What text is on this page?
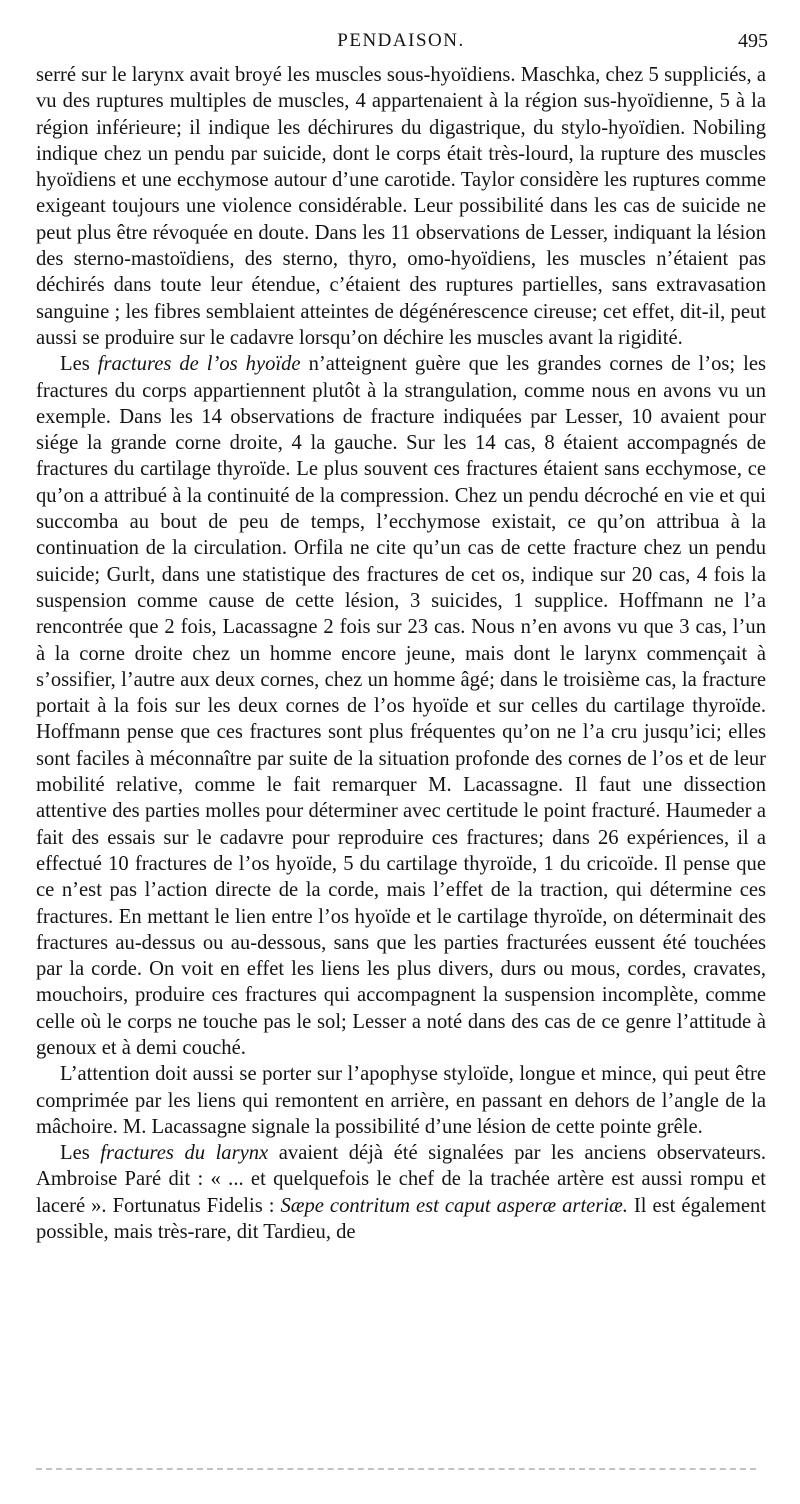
PENDAISON.	495

serré sur le larynx avait broyé les muscles sous-hyoïdiens. Maschka, chez 5 suppliciés, a vu des ruptures multiples de muscles, 4 appartenaient à la région sus-hyoïdienne, 5 à la région inférieure; il indique les déchirures du digastrique, du stylo-hyoïdien. Nobiling indique chez un pendu par suicide, dont le corps était très-lourd, la rupture des muscles hyoïdiens et une ecchymose autour d’une carotide. Taylor considère les ruptures comme exigeant toujours une violence considérable. Leur possibilité dans les cas de suicide ne peut plus être révoquée en doute. Dans les 11 observations de Lesser, indiquant la lésion des sterno-mastoïdiens, des sterno, thyro, omo-hyoïdiens, les muscles n’étaient pas déchirés dans toute leur étendue, c’étaient des ruptures partielles, sans extravasation sanguine ; les fibres semblaient atteintes de dégénérescence cireuse; cet effet, dit-il, peut aussi se produire sur le cadavre lorsqu’on déchire les muscles avant la rigidité.

Les fractures de l’os hyoïde n’atteignent guère que les grandes cornes de l’os; les fractures du corps appartiennent plutôt à la strangulation, comme nous en avons vu un exemple. Dans les 14 observations de fracture indiquées par Lesser, 10 avaient pour siége la grande corne droite, 4 la gauche. Sur les 14 cas, 8 étaient accompagnés de fractures du cartilage thyroïde. Le plus souvent ces fractures étaient sans ecchymose, ce qu’on a attribué à la continuité de la compression. Chez un pendu décroché en vie et qui succomba au bout de peu de temps, l’ecchymose existait, ce qu’on attribua à la continuation de la circulation. Orfila ne cite qu’un cas de cette fracture chez un pendu suicide; Gurlt, dans une statistique des fractures de cet os, indique sur 20 cas, 4 fois la suspension comme cause de cette lésion, 3 suicides, 1 supplice. Hoffmann ne l’a rencontrée que 2 fois, Lacassagne 2 fois sur 23 cas. Nous n’en avons vu que 3 cas, l’un à la corne droite chez un homme encore jeune, mais dont le larynx commençait à s’ossifier, l’autre aux deux cornes, chez un homme âgé; dans le troisième cas, la fracture portait à la fois sur les deux cornes de l’os hyoïde et sur celles du cartilage thyroïde. Hoffmann pense que ces fractures sont plus fréquentes qu’on ne l’a cru jusqu’ici; elles sont faciles à méconnaître par suite de la situation profonde des cornes de l’os et de leur mobilité relative, comme le fait remarquer M. Lacassagne. Il faut une dissection attentive des parties molles pour déterminer avec certitude le point fracturé. Haumeder a fait des essais sur le cadavre pour reproduire ces fractures; dans 26 expériences, il a effectué 10 fractures de l’os hyoïde, 5 du cartilage thyroïde, 1 du cricoïde. Il pense que ce n’est pas l’action directe de la corde, mais l’effet de la traction, qui détermine ces fractures. En mettant le lien entre l’os hyoïde et le cartilage thyroïde, on déterminait des fractures au-dessus ou au-dessous, sans que les parties fracturées eussent été touchées par la corde. On voit en effet les liens les plus divers, durs ou mous, cordes, cravates, mouchoirs, produire ces fractures qui accompagnent la suspension incomplète, comme celle où le corps ne touche pas le sol; Lesser a noté dans des cas de ce genre l’attitude à genoux et à demi couché.

L’attention doit aussi se porter sur l’apophyse styloïde, longue et mince, qui peut être comprimée par les liens qui remontent en arrière, en passant en dehors de l’angle de la mâchoire. M. Lacassagne signale la possibilité d’une lésion de cette pointe grêle.

Les fractures du larynx avaient déjà été signalées par les anciens observateurs. Ambroise Paré dit : « ... et quelquefois le chef de la trachée artère est aussi rompu et laceré ». Fortunatus Fidelis : Sæpe contritum est caput asperæ arteriæ. Il est également possible, mais très-rare, dit Tardieu, de
